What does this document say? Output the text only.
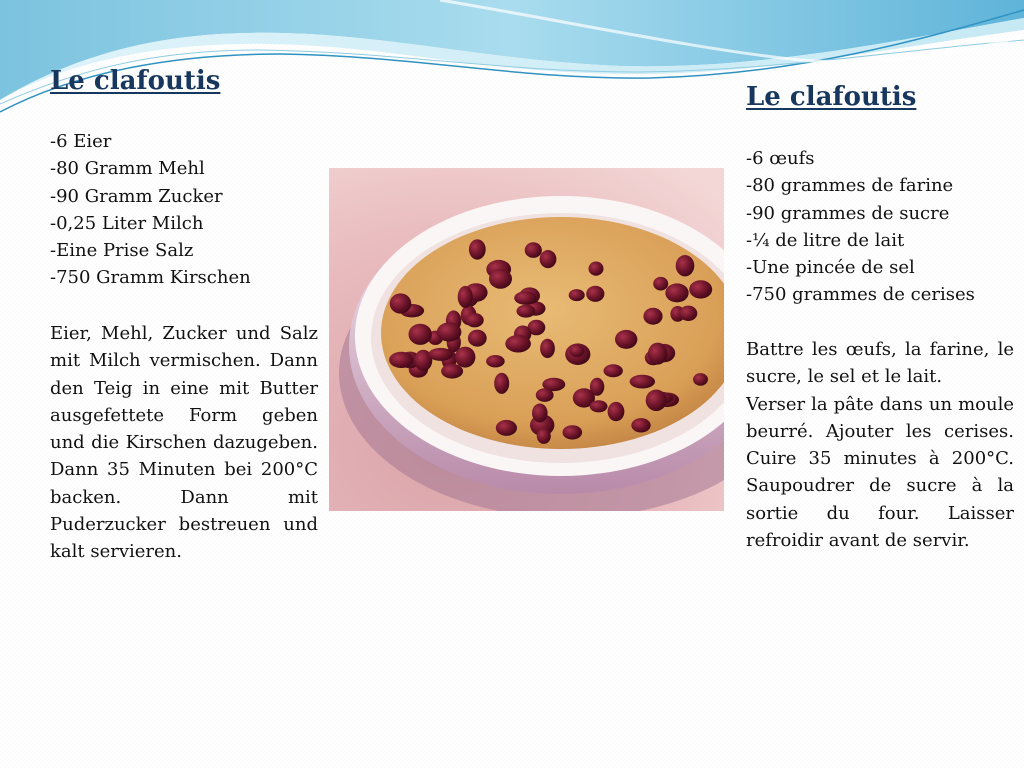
Le clafoutis
-6 Eier
-80 Gramm Mehl
-90 Gramm Zucker
-0,25 Liter Milch
-Eine Prise Salz
-750 Gramm Kirschen

Eier, Mehl, Zucker und Salz mit Milch vermischen. Dann den Teig in eine mit Butter ausgefettete Form geben und die Kirschen dazugeben. Dann 35 Minuten bei 200°C backen. Dann mit Puderzucker bestreuen und kalt servieren.

Le clafoutis
-6 œufs
-80 grammes de farine
-90 grammes de sucre
-¼ de litre de lait
-Une pincée de sel
-750 grammes de cerises

Battre les œufs, la farine, le sucre, le sel et le lait.

Verser la pâte dans un moule beurré. Ajouter les cerises. Cuire 35 minutes à 200°C. Saupoudrer de sucre à la sortie du four. Laisser refroidir avant de servir.
